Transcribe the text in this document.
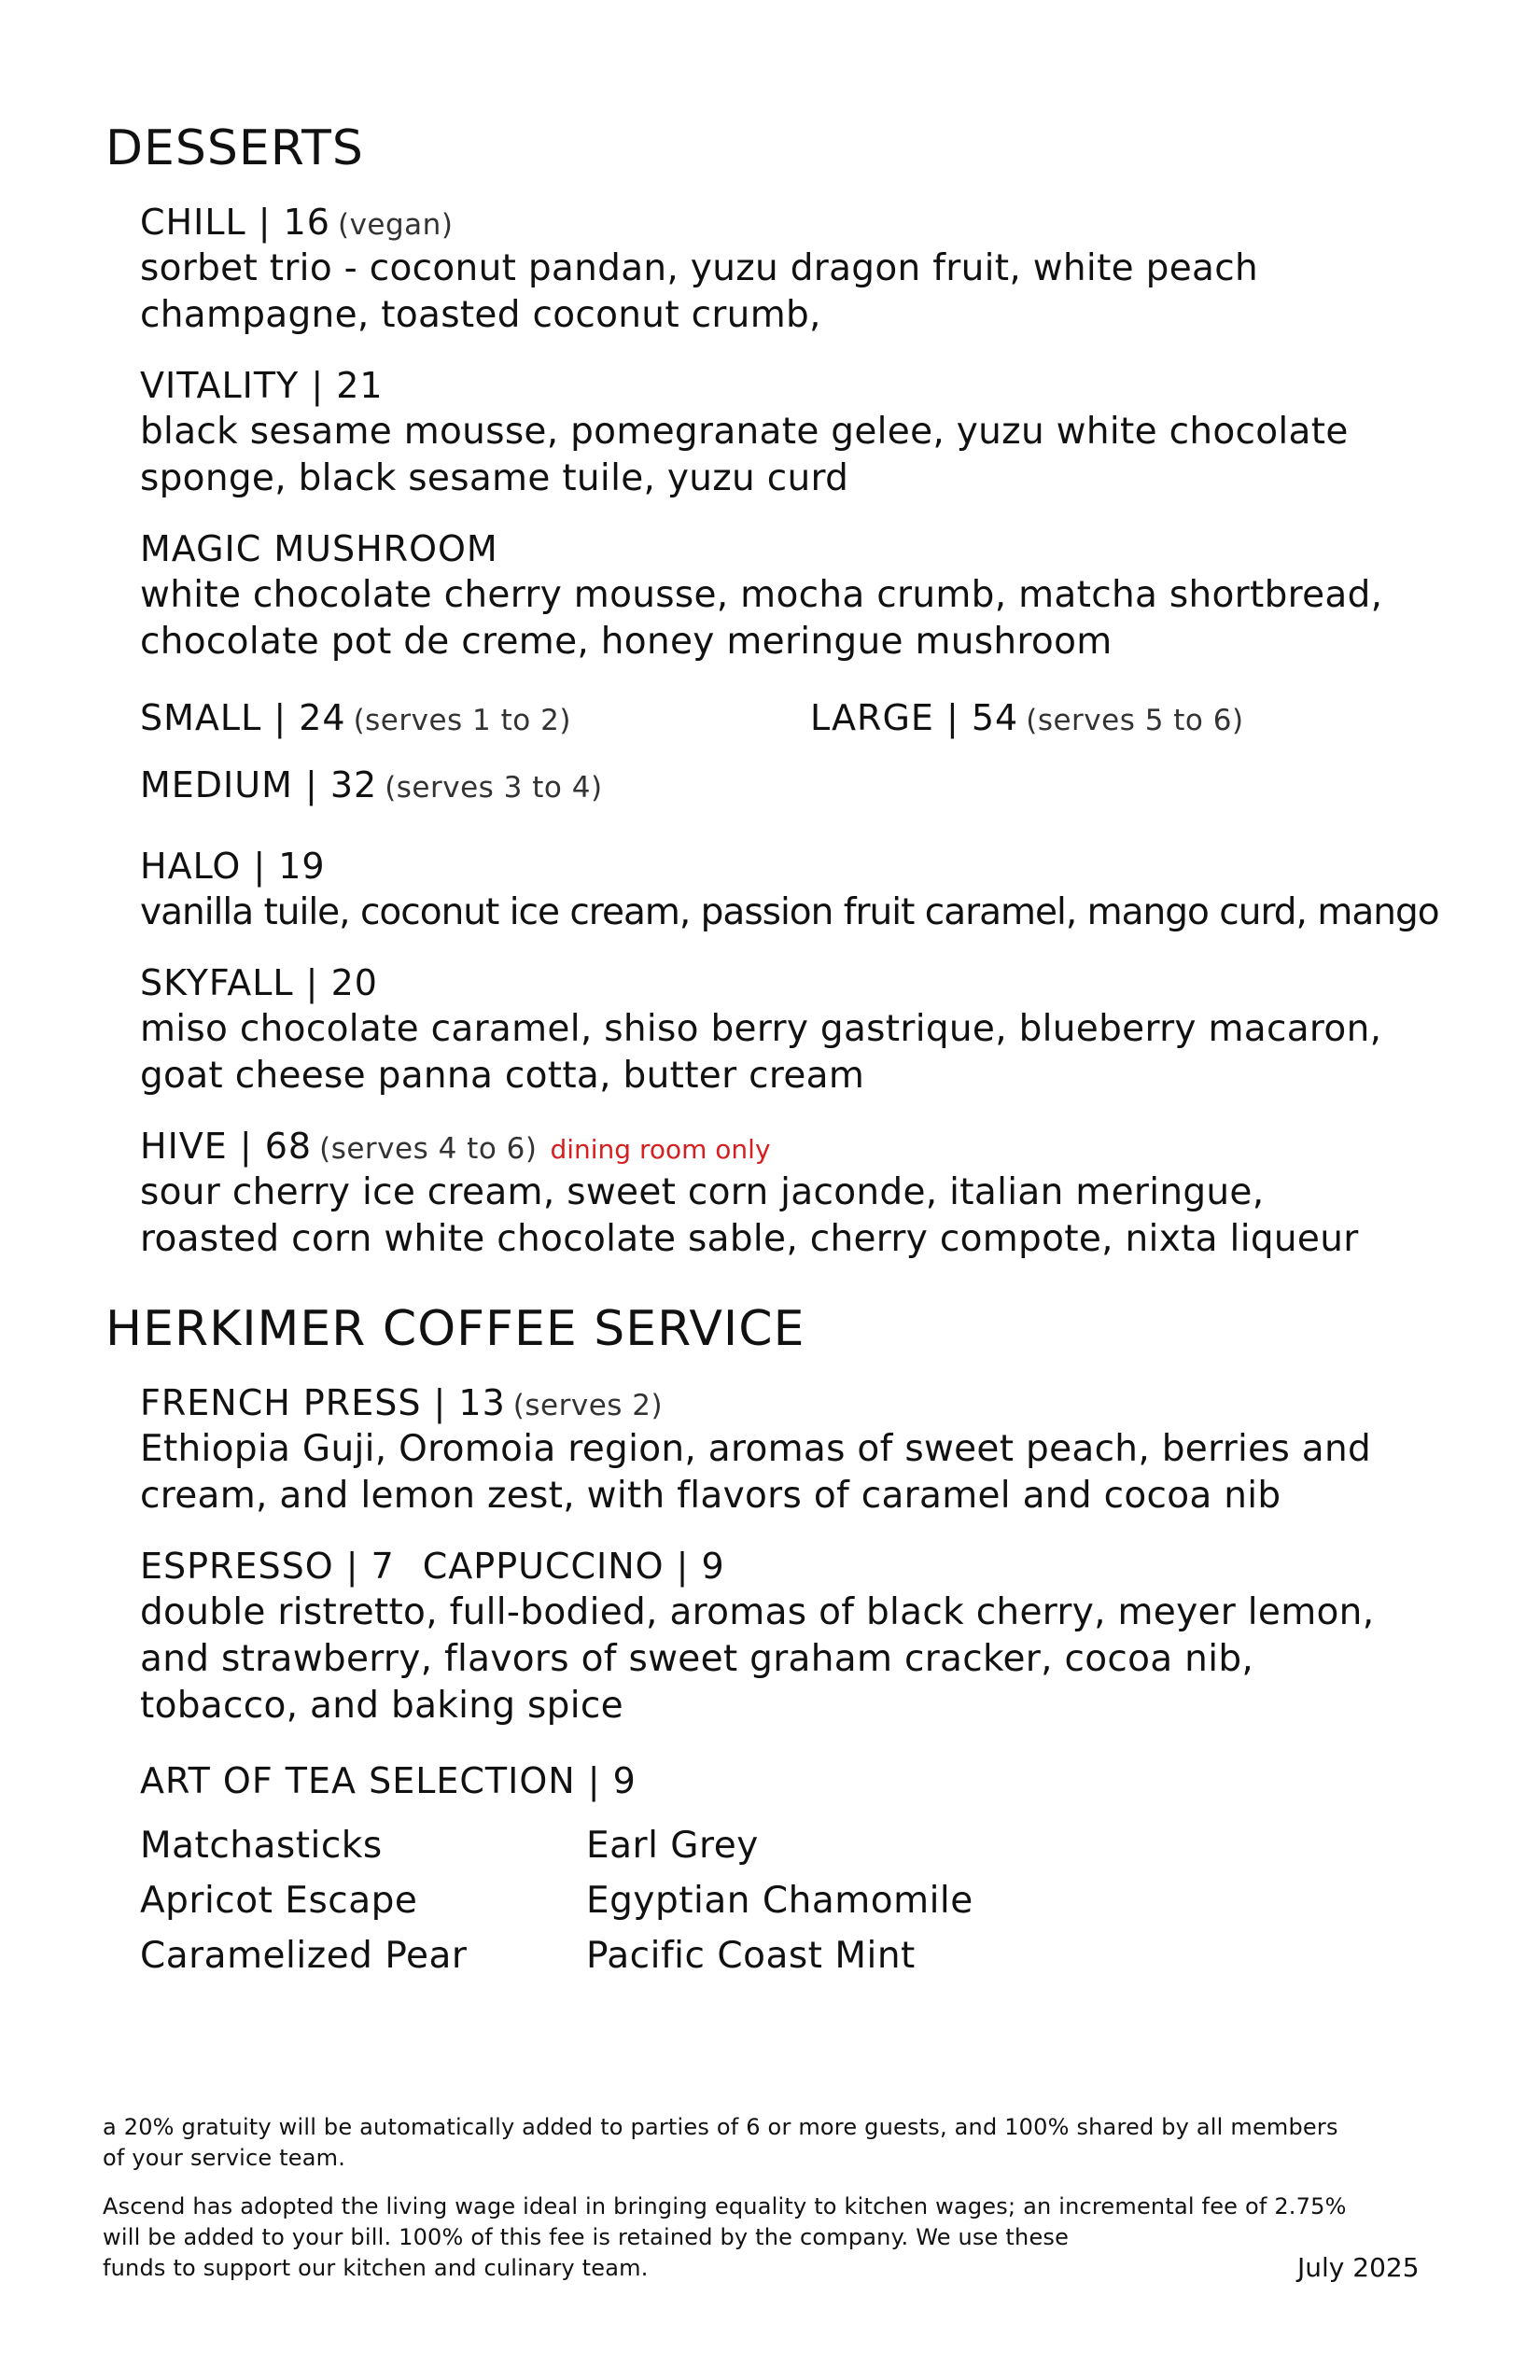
DESSERTS
CHILL | 16 (vegan)
sorbet trio - coconut pandan, yuzu dragon fruit, white peach
champagne, toasted coconut crumb,
VITALITY | 21
black sesame mousse, pomegranate gelee, yuzu white chocolate
sponge, black sesame tuile, yuzu curd
MAGIC MUSHROOM
white chocolate cherry mousse, mocha crumb, matcha shortbread,
chocolate pot de creme, honey meringue mushroom
SMALL | 24 (serves 1 to 2)	LARGE | 54 (serves 5 to 6)
MEDIUM | 32 (serves 3 to 4)
HALO | 19
vanilla tuile, coconut ice cream, passion fruit caramel, mango curd, mango
SKYFALL | 20
miso chocolate caramel, shiso berry gastrique, blueberry macaron,
goat cheese panna cotta, butter cream
HIVE | 68 (serves 4 to 6) dining room only
sour cherry ice cream, sweet corn jaconde, italian meringue,
roasted corn white chocolate sable, cherry compote, nixta liqueur
HERKIMER COFFEE SERVICE
FRENCH PRESS | 13 (serves 2)
Ethiopia Guji, Oromoia region, aromas of sweet peach, berries and
cream, and lemon zest, with flavors of caramel and cocoa nib
ESPRESSO | 7 CAPPUCCINO | 9
double ristretto, full-bodied, aromas of black cherry, meyer lemon,
and strawberry, flavors of sweet graham cracker, cocoa nib,
tobacco, and baking spice
ART OF TEA SELECTION | 9
Matchasticks
Apricot Escape
Caramelized Pear
Earl Grey
Egyptian Chamomile
Pacific Coast Mint
a 20% gratuity will be automatically added to parties of 6 or more guests, and 100% shared by all members
of your service team.
Ascend has adopted the living wage ideal in bringing equality to kitchen wages; an incremental fee of 2.75%
will be added to your bill. 100% of this fee is retained by the company. We use these
funds to support our kitchen and culinary team.	July 2025
